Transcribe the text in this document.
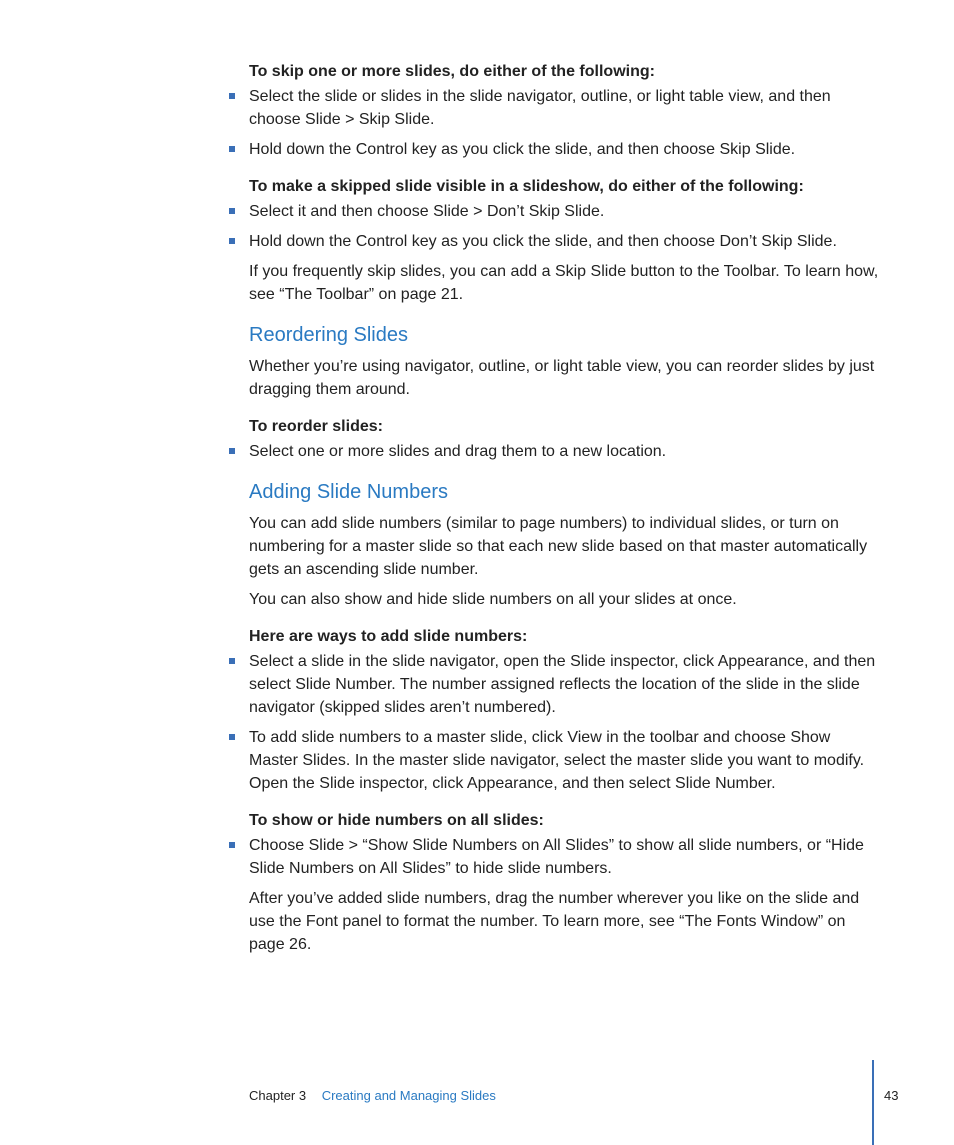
To skip one or more slides, do either of the following:

Select the slide or slides in the slide navigator, outline, or light table view, and then choose Slide > Skip Slide.
Hold down the Control key as you click the slide, and then choose Skip Slide.

To make a skipped slide visible in a slideshow, do either of the following:

Select it and then choose Slide > Don’t Skip Slide.
Hold down the Control key as you click the slide, and then choose Don’t Skip Slide.

If you frequently skip slides, you can add a Skip Slide button to the Toolbar. To learn how, see “The Toolbar” on page 21.

Reordering Slides

Whether you’re using navigator, outline, or light table view, you can reorder slides by just dragging them around.

To reorder slides:

Select one or more slides and drag them to a new location.
Adding Slide Numbers

You can add slide numbers (similar to page numbers) to individual slides, or turn on numbering for a master slide so that each new slide based on that master automatically gets an ascending slide number.

You can also show and hide slide numbers on all your slides at once.

Here are ways to add slide numbers:

Select a slide in the slide navigator, open the Slide inspector, click Appearance, and then select Slide Number. The number assigned reflects the location of the slide in the slide navigator (skipped slides aren’t numbered).
To add slide numbers to a master slide, click View in the toolbar and choose Show Master Slides. In the master slide navigator, select the master slide you want to modify. Open the Slide inspector, click Appearance, and then select Slide Number.

To show or hide numbers on all slides:

Choose Slide > “Show Slide Numbers on All Slides” to show all slide numbers, or “Hide Slide Numbers on All Slides” to hide slide numbers.

After you’ve added slide numbers, drag the number wherever you like on the slide and use the Font panel to format the number. To learn more, see “The Fonts Window” on page 26.

Chapter 3 Creating and Managing Slides	43
